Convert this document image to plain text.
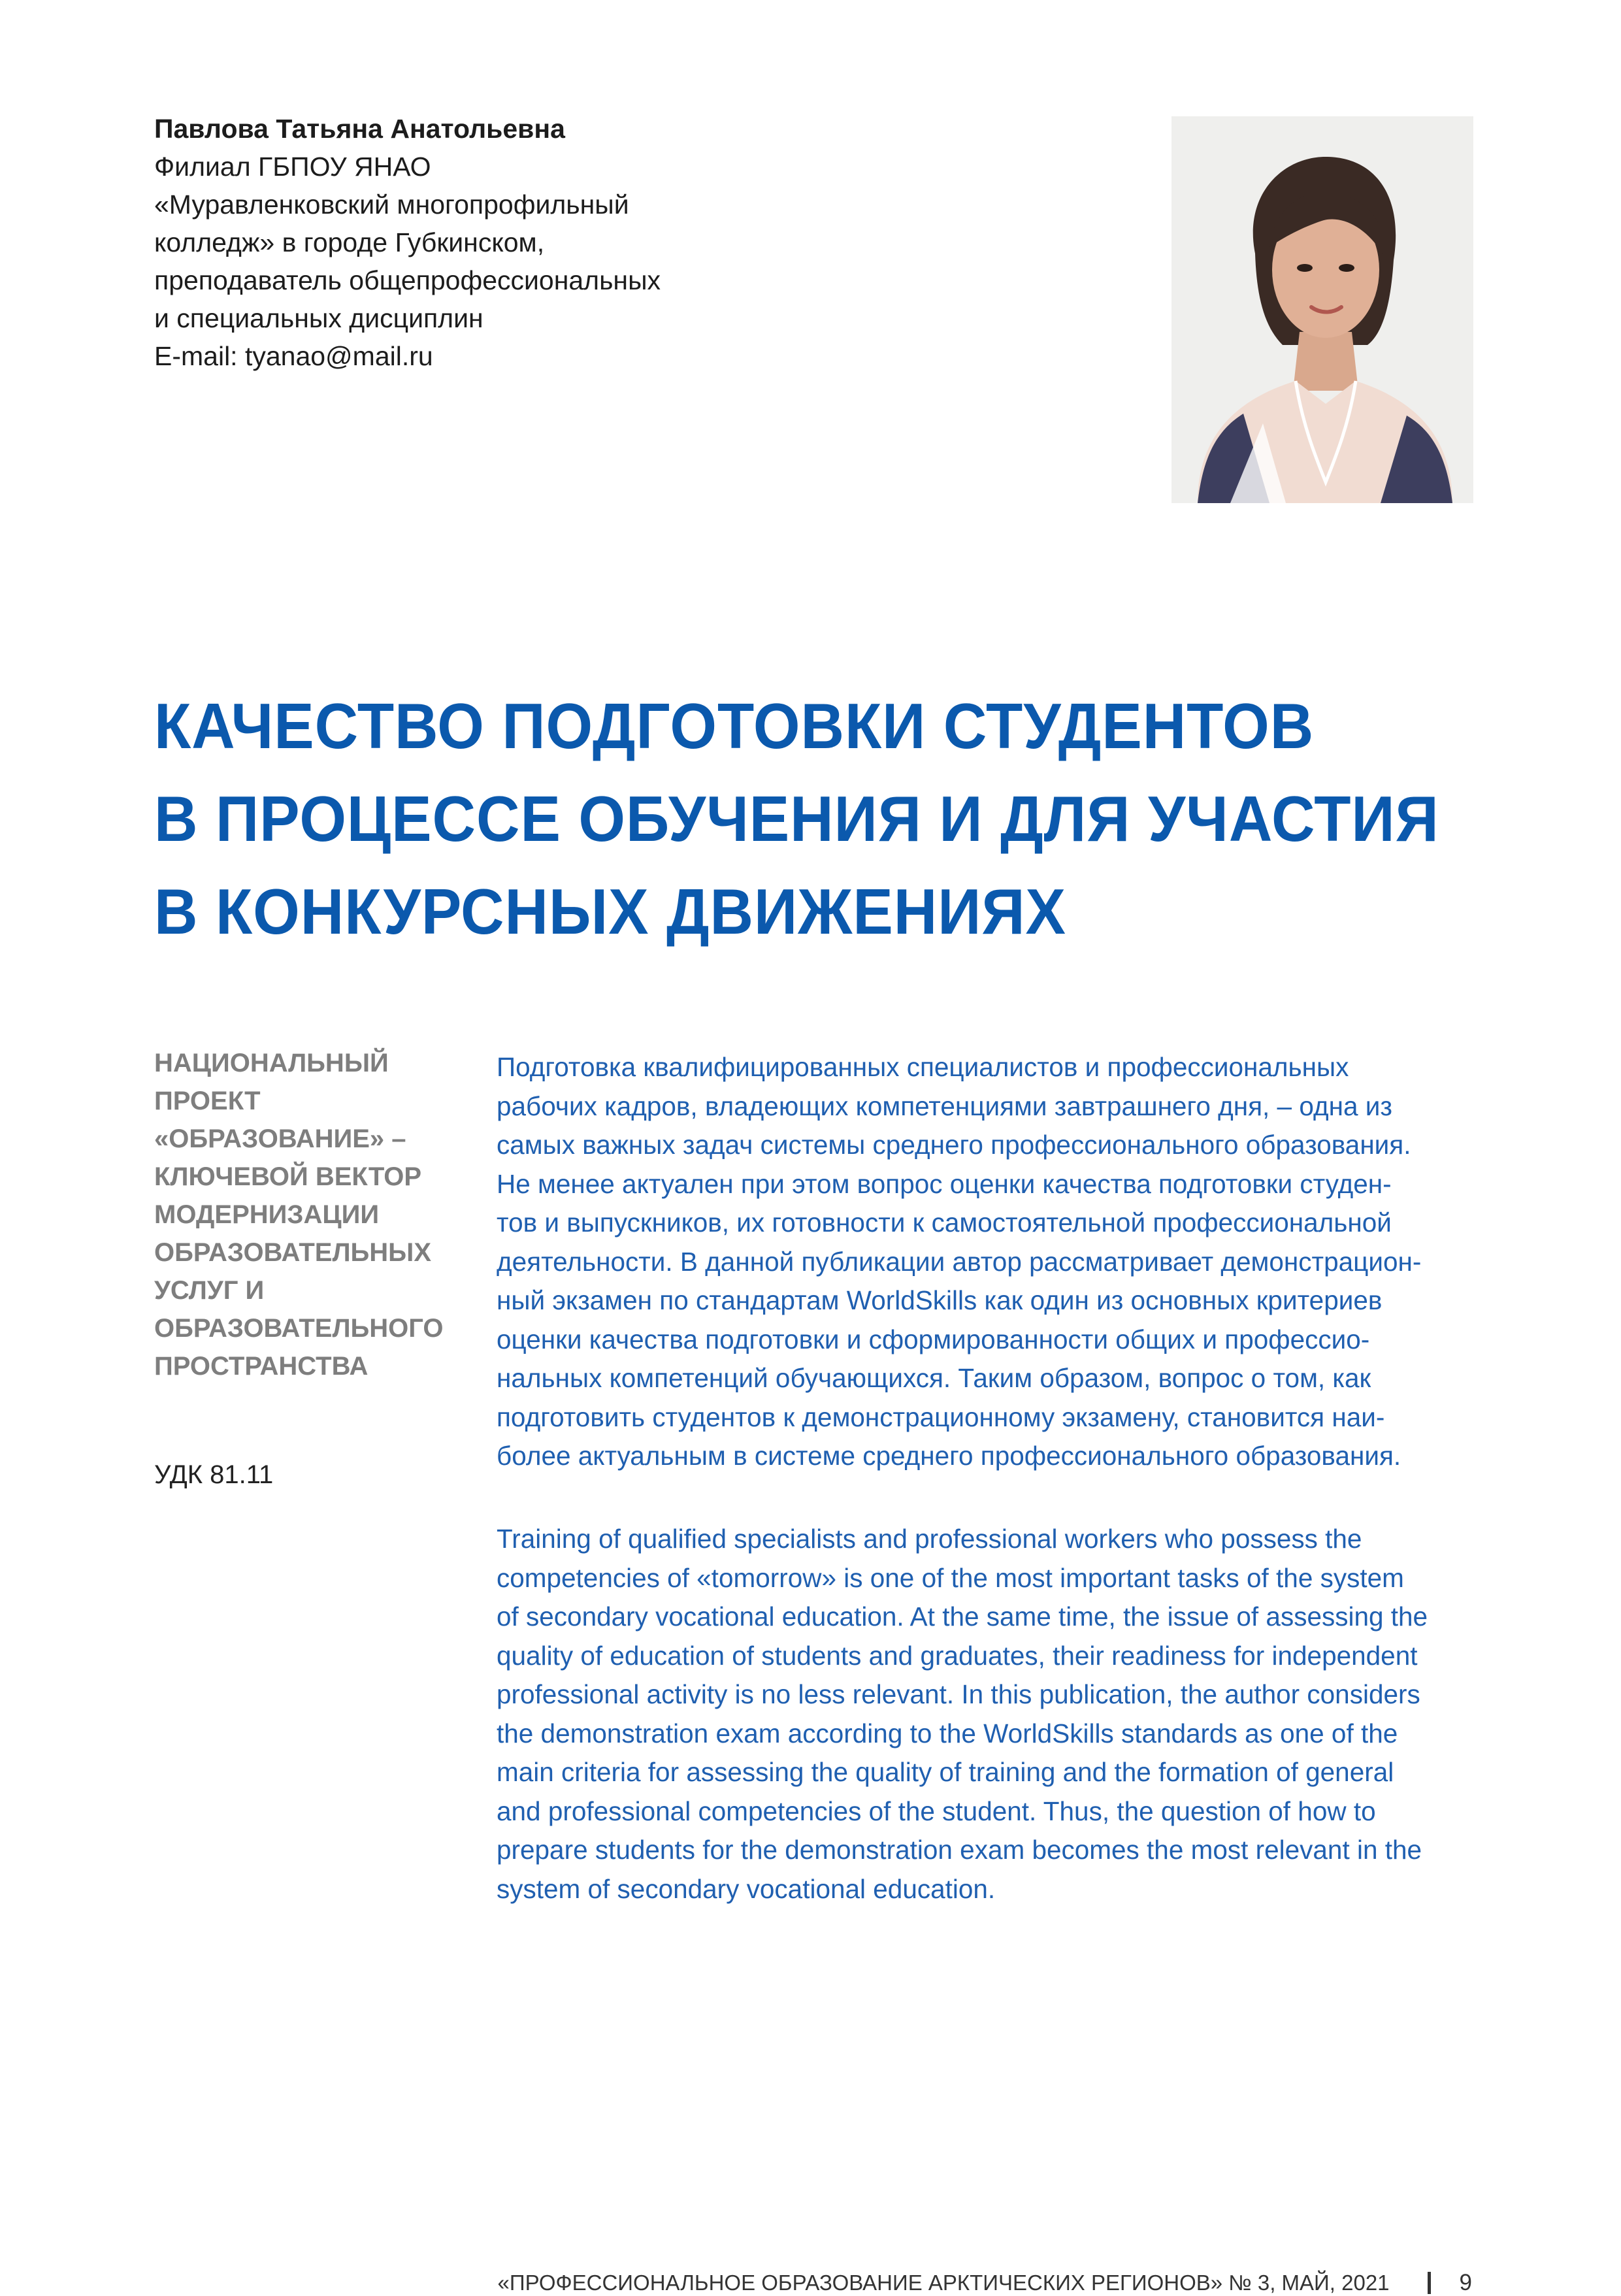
Павлова Татьяна Анатольевна
Филиал ГБПОУ ЯНАО
«Муравленковский многопрофильный
колледж» в городе Губкинском,
преподаватель общепрофессиональных
и специальных дисциплин
E-mail: tyanao@mail.ru
КАЧЕСТВО ПОДГОТОВКИ СТУДЕНТОВ
В ПРОЦЕССЕ ОБУЧЕНИЯ И ДЛЯ УЧАСТИЯ
В КОНКУРСНЫХ ДВИЖЕНИЯХ
НАЦИОНАЛЬНЫЙ
ПРОЕКТ
«ОБРАЗОВАНИЕ» –
КЛЮЧЕВОЙ ВЕКТОР
МОДЕРНИЗАЦИИ
ОБРАЗОВАТЕЛЬНЫХ
УСЛУГ И
ОБРАЗОВАТЕЛЬНОГО
ПРОСТРАНСТВА
УДК 81.11
Подготовка квалифицированных специалистов и профессиональных
рабочих кадров, владеющих компетенциями завтрашнего дня, – одна из
самых важных задач системы среднего профессионального образования.
Не менее актуален при этом вопрос оценки качества подготовки студен-
тов и выпускников, их готовности к самостоятельной профессиональной
деятельности. В данной публикации автор рассматривает демонстрацион-
ный экзамен по стандартам WorldSkills как один из основных критериев
оценки качества подготовки и сформированности общих и профессио-
нальных компетенций обучающихся. Таким образом, вопрос о том, как
подготовить студентов к демонстрационному экзамену, становится наи-
более актуальным в системе среднего профессионального образования.
Training of qualified specialists and professional workers who possess the
competencies of «tomorrow» is one of the most important tasks of the system
of secondary vocational education. At the same time, the issue of assessing the
quality of education of students and graduates, their readiness for independent
professional activity is no less relevant. In this publication, the author considers
the demonstration exam according to the WorldSkills standards as one of the
main criteria for assessing the quality of training and the formation of general
and professional competencies of the student. Thus, the question of how to
prepare students for the demonstration exam becomes the most relevant in the
system of secondary vocational education.
«ПРОФЕССИОНАЛЬНОЕ ОБРАЗОВАНИЕ АРКТИЧЕСКИХ РЕГИОНОВ» № 3, МАЙ, 2021	9
